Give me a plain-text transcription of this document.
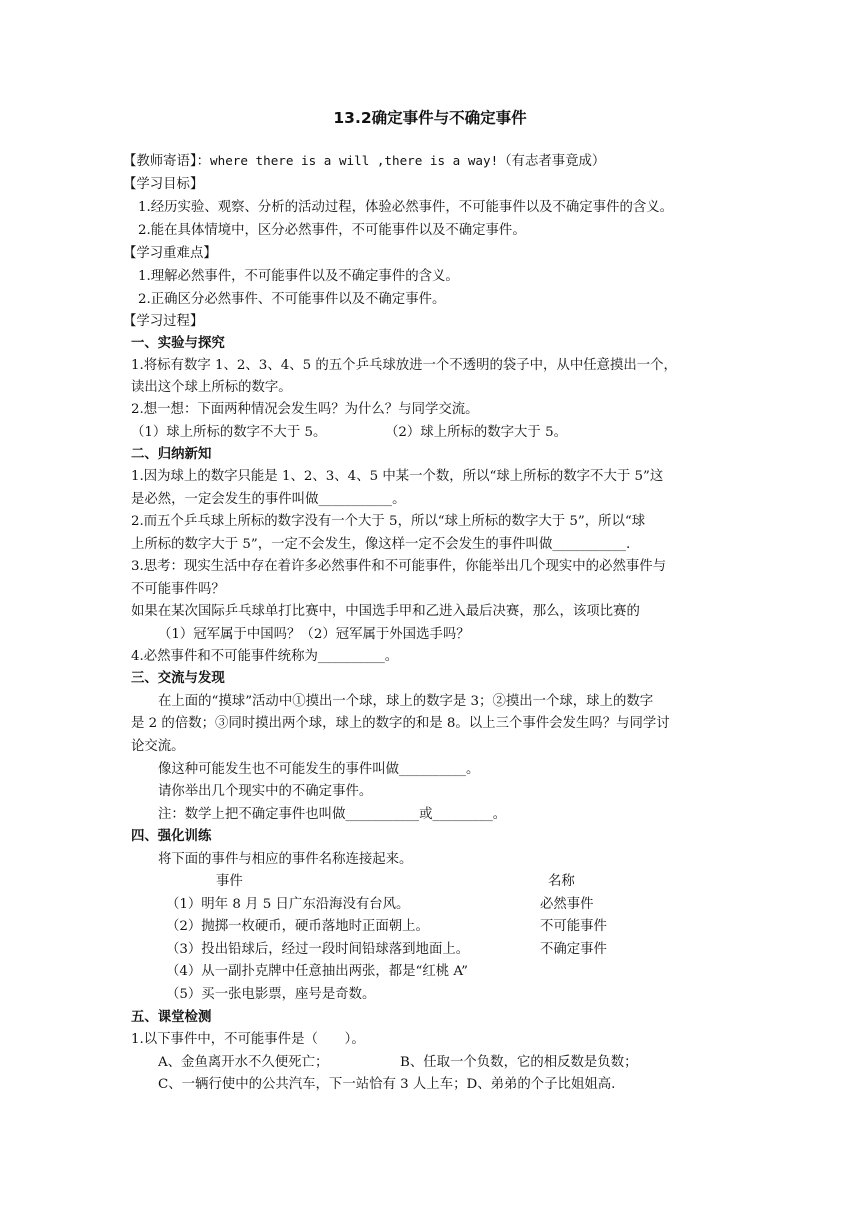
13.2确定事件与不确定事件
【教师寄语】：where there is a will ,there is a way!（有志者事竟成）
【学习目标】
1.经历实验、观察、分析的活动过程，体验必然事件，不可能事件以及不确定事件的含义。
2.能在具体情境中，区分必然事件，不可能事件以及不确定事件。
【学习重难点】
1.理解必然事件，不可能事件以及不确定事件的含义。
2.正确区分必然事件、不可能事件以及不确定事件。
【学习过程】
一、实验与探究
1.将标有数字 1、2、3、4、5 的五个乒乓球放进一个不透明的袋子中，从中任意摸出一个，
读出这个球上所标的数字。
2.想一想：下面两种情况会发生吗？为什么？与同学交流。
（1）球上所标的数字不大于 5。	（2）球上所标的数字大于 5。
二、归纳新知
1.因为球上的数字只能是 1、2、3、4、5 中某一个数，所以“球上所标的数字不大于 5”这
是必然，一定会发生的事件叫做___________。
2.而五个乒乓球上所标的数字没有一个大于 5，所以“球上所标的数字大于 5”，所以“球
上所标的数字大于 5”，一定不会发生，像这样一定不会发生的事件叫做___________.
3.思考：现实生活中存在着许多必然事件和不可能事件，你能举出几个现实中的必然事件与
不可能事件吗？
如果在某次国际乒乓球单打比赛中，中国选手甲和乙进入最后决赛，那么，该项比赛的
（1）冠军属于中国吗？（2）冠军属于外国选手吗？
4.必然事件和不可能事件统称为__________。
三、交流与发现
在上面的“摸球”活动中①摸出一个球，球上的数字是 3；②摸出一个球，球上的数字
是 2 的倍数；③同时摸出两个球，球上的数字的和是 8。以上三个事件会发生吗？与同学讨
论交流。
像这种可能发生也不可能发生的事件叫做__________。
请你举出几个现实中的不确定事件。
注：数学上把不确定事件也叫做___________或_________。
四、强化训练
将下面的事件与相应的事件名称连接起来。
事件	名称
（1）明年 8 月 5 日广东沿海没有台风。
（2）抛掷一枚硬币，硬币落地时正面朝上。
（3）投出铅球后，经过一段时间铅球落到地面上。
（4）从一副扑克牌中任意抽出两张，都是“红桃 A”
（5）买一张电影票，座号是奇数。
必然事件
不可能事件
不确定事件
五、课堂检测
1.以下事件中，不可能事件是（　　）。
A、金鱼离开水不久便死亡；	B、任取一个负数，它的相反数是负数；
C、一辆行使中的公共汽车，下一站恰有 3 人上车；D、弟弟的个子比姐姐高.
